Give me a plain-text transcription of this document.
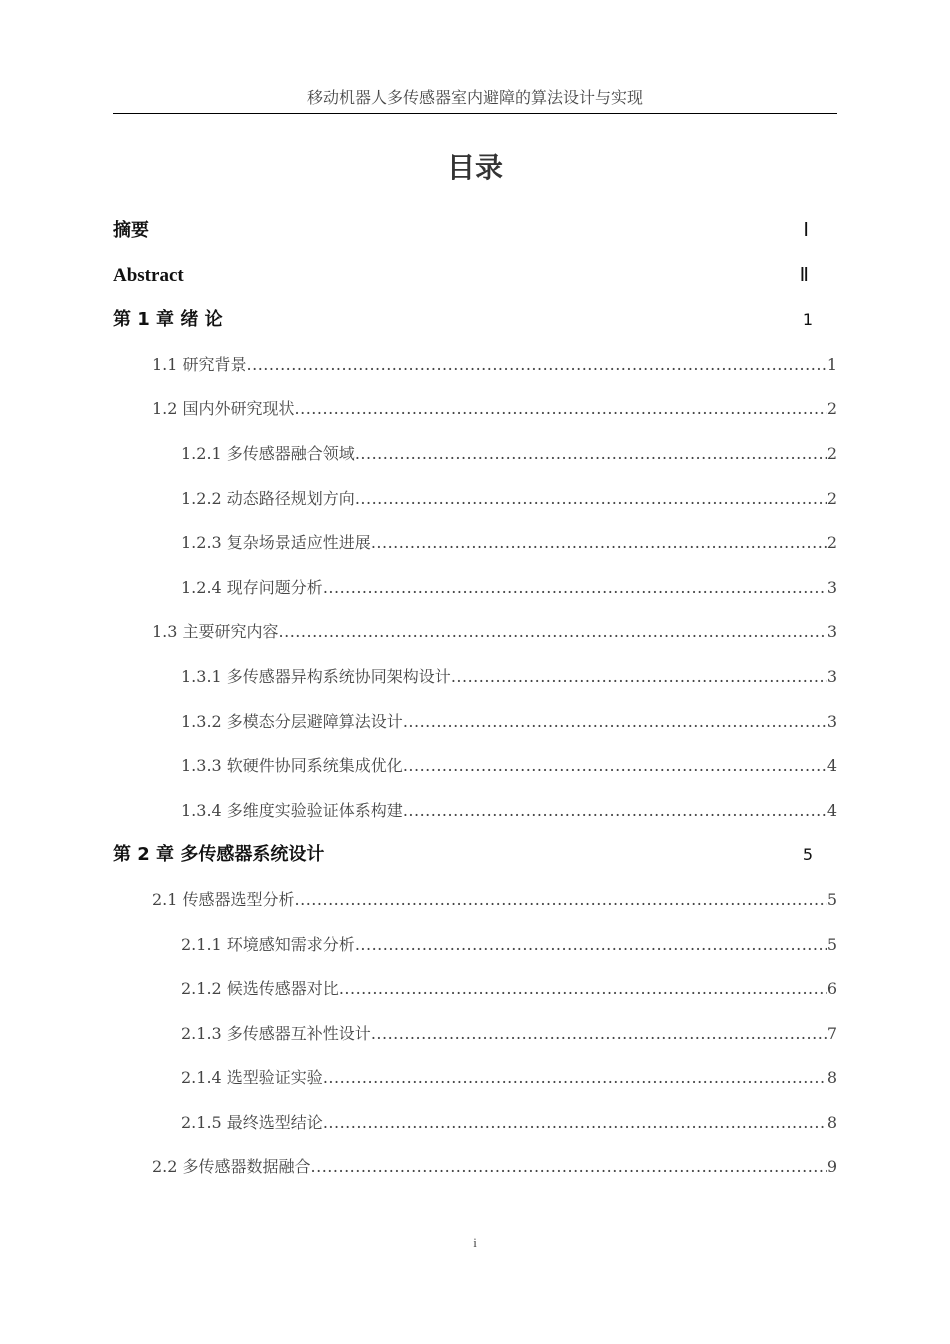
移动机器人多传感器室内避障的算法设计与实现
目录
摘要	Ⅰ
Abstract	Ⅱ
第 1 章 绪 论	1
1.1 研究背景 .....	1
1.2 国内外研究现状 .....	2
1.2.1 多传感器融合领域 .....	2
1.2.2 动态路径规划方向 .....	2
1.2.3 复杂场景适应性进展 .....	2
1.2.4 现存问题分析 .....	3
1.3 主要研究内容 .....	3
1.3.1 多传感器异构系统协同架构设计 .....	3
1.3.2 多模态分层避障算法设计 .....	3
1.3.3 软硬件协同系统集成优化 .....	4
1.3.4 多维度实验验证体系构建 .....	4
第 2 章 多传感器系统设计	5
2.1 传感器选型分析 .....	5
2.1.1 环境感知需求分析 .....	5
2.1.2 候选传感器对比 .....	6
2.1.3 多传感器互补性设计 .....	7
2.1.4 选型验证实验 .....	8
2.1.5 最终选型结论 .....	8
2.2 多传感器数据融合 .....	9
i
